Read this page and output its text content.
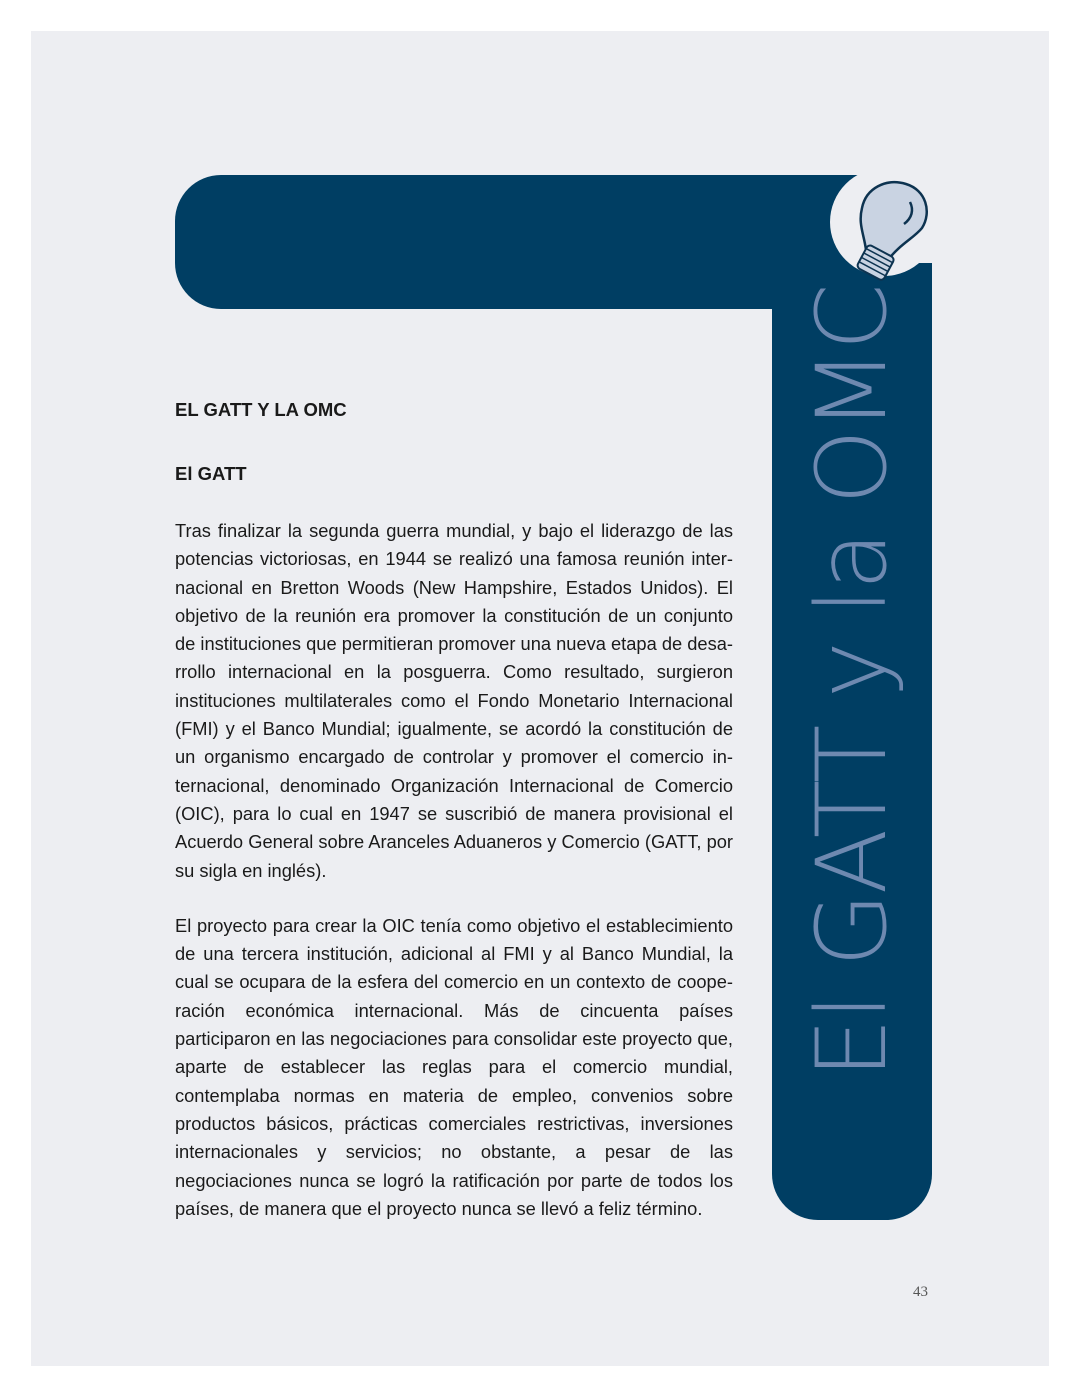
El GATT y la OMC
EL GATT Y LA OMC
El GATT

Tras finalizar la segunda guerra mundial, y bajo el liderazgo de las potencias victoriosas, en 1944 se realizó una famosa reunión internacional en Bretton Woods (New Hampshire, Estados Unidos). El objetivo de la reunión era promover la constitución de un conjunto de instituciones que permitieran promover una nueva etapa de desarrollo internacional en la posguerra. Como resultado, surgieron instituciones multilaterales como el Fondo Monetario Internacional (FMI) y el Banco Mundial; igualmente, se acordó la constitución de un organismo encargado de controlar y promover el comercio internacional, denominado Organización Internacional de Comercio (OIC), para lo cual en 1947 se suscribió de manera provisional el Acuerdo General sobre Aranceles Aduaneros y Comercio (GATT, por su sigla en inglés).

El proyecto para crear la OIC tenía como objetivo el establecimiento de una tercera institución, adicional al FMI y al Banco Mundial, la cual se ocupara de la esfera del comercio en un contexto de cooperación económica internacional. Más de cincuenta países participaron en las negociaciones para consolidar este proyecto que, aparte de establecer las reglas para el comercio mundial, contemplaba normas en materia de empleo, convenios sobre productos básicos, prácticas comerciales restrictivas, inversiones internacionales y servicios; no obstante, a pesar de las negociaciones nunca se logró la ratificación por parte de todos los países, de manera que el proyecto nunca se llevó a feliz término.

43
